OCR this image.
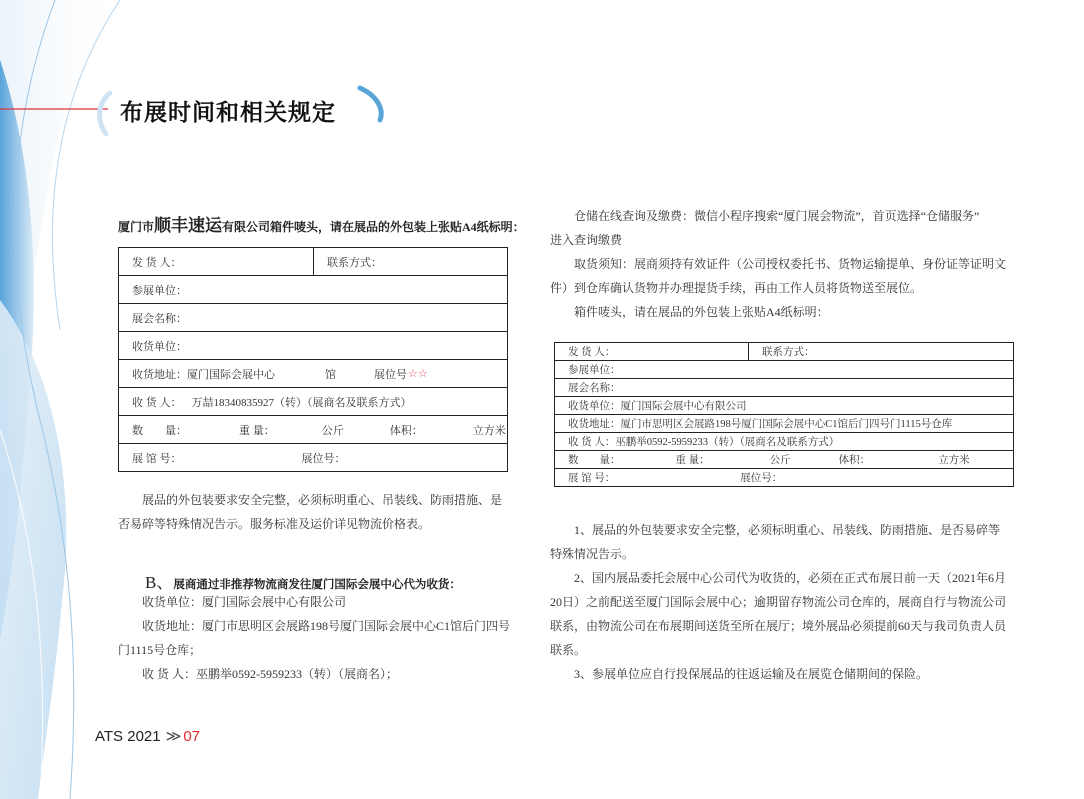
布展时间和相关规定
厦门市顺丰速运有限公司箱件唛头，请在展品的外包装上张贴A4纸标明：
发 货 人：	联系方式：
参展单位：
展会名称：
收货单位：

收货地址： 厦门国际会展中心	馆	展位号 ☆☆

收 货 人： 万喆18340835927（转）（展商名及联系方式）

数　　量：	重 量：	公斤	体积：	立方米

展 馆 号：	展位号：
展品的外包装要求安全完整，必须标明重心、吊装线、防雨措施、是
否易碎等特殊情况告示。服务标准及运价详见物流价格表。
B、展商通过非推荐物流商发往厦门国际会展中心代为收货：
收货单位：厦门国际会展中心有限公司
收货地址：厦门市思明区会展路198号厦门国际会展中心C1馆后门四号
门1115号仓库；
收 货 人：巫鹏举0592-5959233（转）（展商名）；
仓储在线查询及缴费：微信小程序搜索“厦门展会物流”，首页选择“仓储服务”
进入查询缴费
取货须知：展商须持有效证件（公司授权委托书、货物运输提单、身份证等证明文
件）到仓库确认货物并办理提货手续，再由工作人员将货物送至展位。
箱件唛头，请在展品的外包装上张贴A4纸标明：
发 货 人：	联系方式：
参展单位：
展会名称：
收货单位：厦门国际会展中心有限公司
收货地址：厦门市思明区会展路198号厦门国际会展中心C1馆后门四号门1115号仓库
收 货 人：巫鹏举0592-5959233（转）（展商名及联系方式）

数　　量：	重 量：	公斤	体积：	立方米

展 馆 号：	展位号：
1、展品的外包装要求安全完整，必须标明重心、吊装线、防雨措施、是否易碎等
特殊情况告示。
2、国内展品委托会展中心公司代为收货的，必须在正式布展日前一天（2021年6月
20日）之前配送至厦门国际会展中心；逾期留存物流公司仓库的，展商自行与物流公司
联系，由物流公司在布展期间送货至所在展厅；境外展品必须提前60天与我司负责人员
联系。
3、参展单位应自行投保展品的往返运输及在展览仓储期间的保险。
ATS 2021 ≫ 07
